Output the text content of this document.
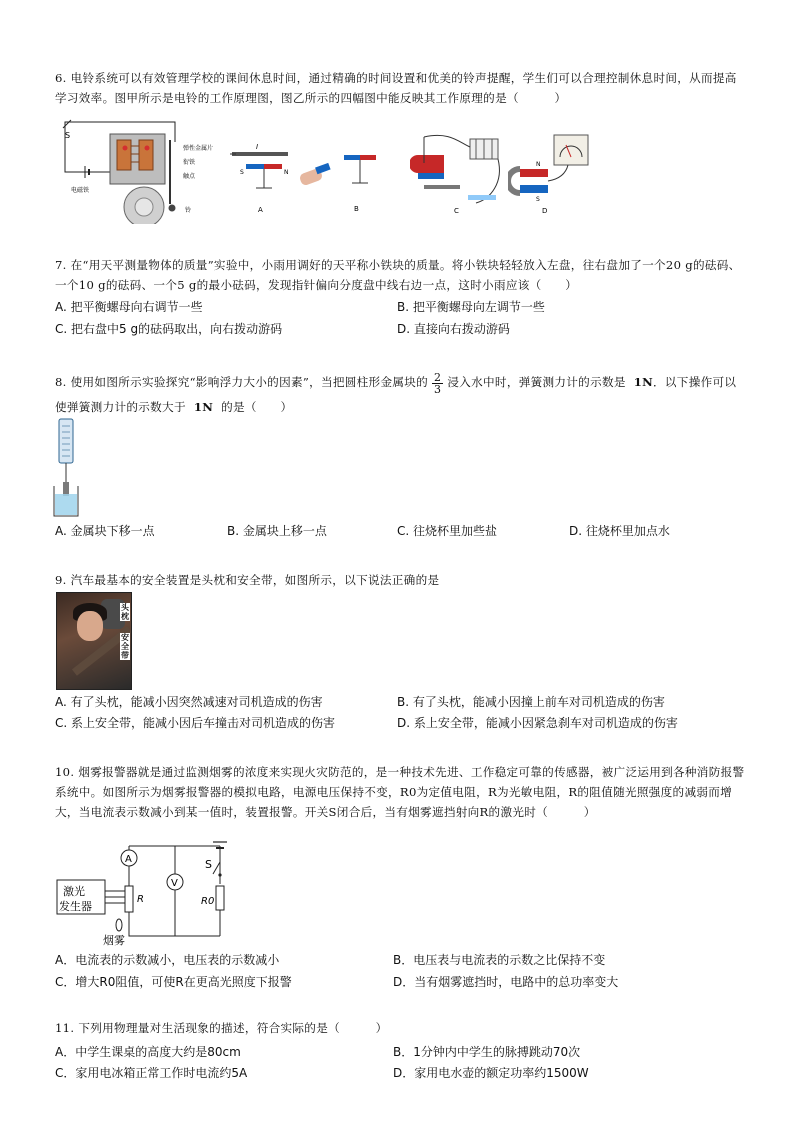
6. 电铃系统可以有效管理学校的课间休息时间，通过精确的时间设置和优美的铃声提醒，学生们可以合理控制休息时间，从而提高学习效率。图甲所示是电铃的工作原理图，图乙所示的四幅图中能反映其工作原理的是（　　　）
S
弹性金属片
衔铁
触点
电磁铁
铃
I
S	N
A	B	C
N
S
D
7. 在“用天平测量物体的质量”实验中，小雨用调好的天平称小铁块的质量。将小铁块轻轻放入左盘，往右盘加了一个20 g的砝码、一个10 g的砝码、一个5 g的最小砝码，发现指针偏向分度盘中线右边一点，这时小雨应该（　　）
A. 把平衡螺母向右调节一些	B. 把平衡螺母向左调节一些
C. 把右盘中5 g的砝码取出，向右拨动游码	D. 直接向右拨动游码
8. 使用如图所示实验探究“影响浮力大小的因素”，当把圆柱形金属块的 $\frac{2}{3}$ 浸入水中时，弹簧测力计的示数是 1N．以下操作可以使弹簧测力计的示数大于 1N 的是（　　）
A. 金属块下移一点	B. 金属块上移一点	C. 往烧杯里加些盐	D. 往烧杯里加点水
9. 汽车最基本的安全装置是头枕和安全带，如图所示，以下说法正确的是
头枕
安全带
A. 有了头枕，能减小因突然减速对司机造成的伤害	B. 有了头枕，能减小因撞上前车对司机造成的伤害
C. 系上安全带，能减小因后车撞击对司机造成的伤害	D. 系上安全带，能减小因紧急刹车对司机造成的伤害
10. 烟雾报警器就是通过监测烟雾的浓度来实现火灾防范的，是一种技术先进、工作稳定可靠的传感器，被广泛运用到各种消防报警系统中。如图所示为烟雾报警器的模拟电路，电源电压保持不变，R0为定值电阻，R为光敏电阻，R的阻值随光照强度的减弱而增大，当电流表示数减小到某一值时，装置报警。开关S闭合后，当有烟雾遮挡射向R的激光时（　　　）
S
R0
A
V
R
激光
发生器
烟雾
A．电流表的示数减小，电压表的示数减小	B．电压表与电流表的示数之比保持不变
C．增大R0阻值，可使R在更高光照度下报警	D．当有烟雾遮挡时，电路中的总功率变大
11. 下列用物理量对生活现象的描述，符合实际的是（　　　）
A．中学生课桌的高度大约是80cm	B．1分钟内中学生的脉搏跳动70次
C．家用电冰箱正常工作时电流约5A	D．家用电水壶的额定功率约1500W
